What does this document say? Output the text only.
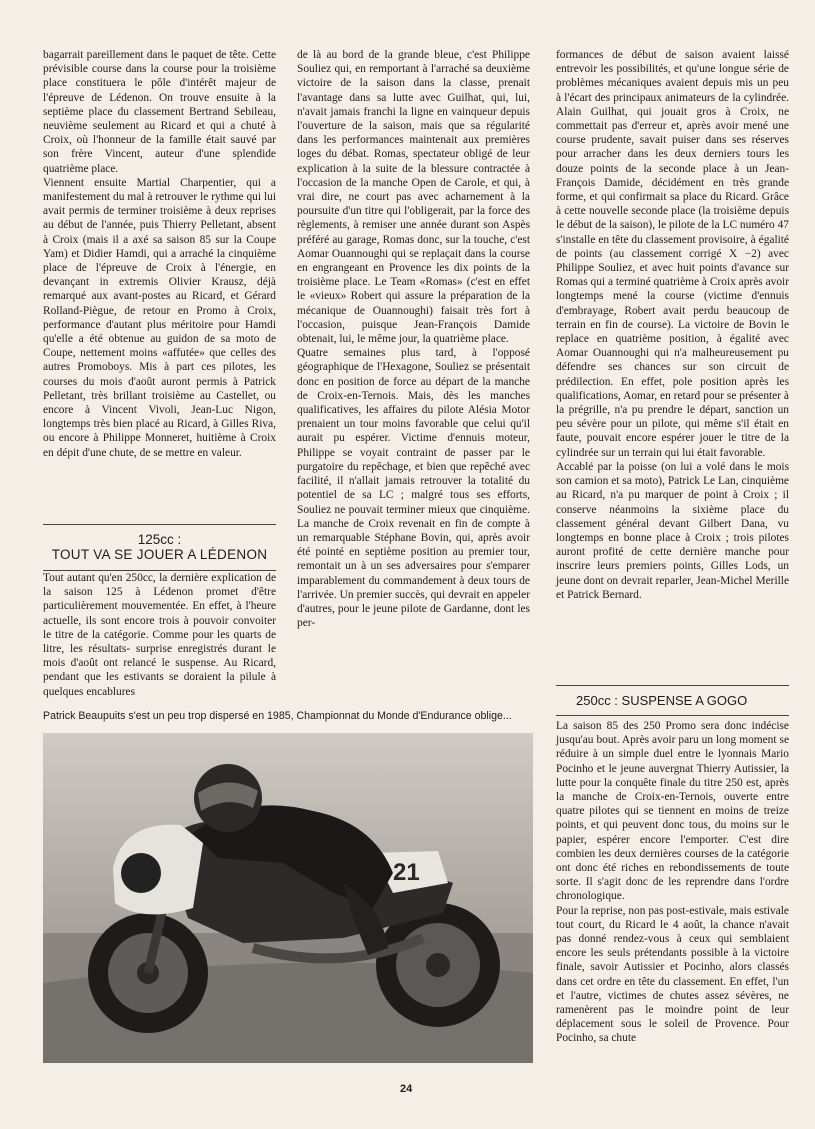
bagarrait pareillement dans le paquet de tête. Cette prévisible course dans la course pour la troisième place constituera le pôle d'intérêt majeur de l'épreuve de Lédenon. On trouve ensuite à la septième place du classement Bertrand Sebileau, neuvième seulement au Ricard et qui a chuté à Croix, où l'honneur de la famille était sauvé par son frère Vincent, auteur d'une splendide quatrième place.

Viennent ensuite Martial Charpentier, qui a manifestement du mal à retrouver le rythme qui lui avait permis de terminer troisième à deux reprises au début de l'année, puis Thierry Pelletant, absent à Croix (mais il a axé sa saison 85 sur la Coupe Yam) et Didier Hamdi, qui a arraché la cinquième place de l'épreuve de Croix à l'énergie, en devançant in extremis Olivier Krausz, déjà remarqué aux avant-postes au Ricard, et Gérard Rolland-Piègue, de retour en Promo à Croix, performance d'autant plus méritoire pour Hamdi qu'elle a été obtenue au guidon de sa moto de Coupe, nettement moins «affutée» que celles des autres Promoboys. Mis à part ces pilotes, les courses du mois d'août auront permis à Patrick Pelletant, très brillant troisième au Castellet, ou encore à Vincent Vivoli, Jean-Luc Nigon, longtemps très bien placé au Ricard, à Gilles Riva, ou encore à Philippe Monneret, huitième à Croix en dépit d'une chute, de se mettre en valeur.

125cc :
TOUT VA SE JOUER A LÉDENON

Tout autant qu'en 250cc, la dernière explication de la saison 125 à Lédenon promet d'être particulièrement mouvementée. En effet, à l'heure actuelle, ils sont encore trois à pouvoir convoiter le titre de la catégorie. Comme pour les quarts de litre, les résultats- surprise enregistrés durant le mois d'août ont relancé le suspense. Au Ricard, pendant que les estivants se doraient la pilule à quelques encablures

de là au bord de la grande bleue, c'est Philippe Souliez qui, en remportant à l'arraché sa deuxième victoire de la saison dans la classe, prenait l'avantage dans sa lutte avec Guilhat, qui, lui, n'avait jamais franchi la ligne en vainqueur depuis l'ouverture de la saison, mais que sa régularité dans les performances maintenait aux premières loges du débat. Romas, spectateur obligé de leur explication à la suite de la blessure contractée à l'occasion de la manche Open de Carole, et qui, à vrai dire, ne court pas avec acharnement à la poursuite d'un titre qui l'obligerait, par la force des règlements, à remiser une année durant son Aspès préféré au garage, Romas donc, sur la touche, c'est Aomar Ouannoughi qui se replaçait dans la course en engrangeant en Provence les dix points de la troisième place. Le Team «Romas» (c'est en effet le «vieux» Robert qui assure la préparation de la mécanique de Ouannoughi) faisait très fort à l'occasion, puisque Jean-François Damide obtenait, lui, le même jour, la quatrième place.

Quatre semaines plus tard, à l'opposé géographique de l'Hexagone, Souliez se présentait donc en position de force au départ de la manche de Croix-en-Ternois. Mais, dès les manches qualificatives, les affaires du pilote Alésia Motor prenaient un tour moins favorable que celui qu'il aurait pu espérer. Victime d'ennuis moteur, Philippe se voyait contraint de passer par le purgatoire du repêchage, et bien que repêché avec facilité, il n'allait jamais retrouver la totalité du potentiel de sa LC ; malgré tous ses efforts, Souliez ne pouvait terminer mieux que cinquième. La manche de Croix revenait en fin de compte à un remarquable Stéphane Bovin, qui, après avoir été pointé en septième position au premier tour, remontait un à un ses adversaires pour s'emparer imparablement du commandement à deux tours de l'arrivée. Un premier succès, qui devrait en appeler d'autres, pour le jeune pilote de Gardanne, dont les per-

formances de début de saison avaient laissé entrevoir les possibilités, et qu'une longue série de problèmes mécaniques avaient depuis mis un peu à l'écart des principaux animateurs de la cylindrée. Alain Guilhat, qui jouait gros à Croix, ne commettait pas d'erreur et, après avoir mené une course prudente, savait puiser dans ses réserves pour arracher dans les deux derniers tours les douze points de la seconde place à un Jean-François Damide, décidément en très grande forme, et qui confirmait sa place du Ricard. Grâce à cette nouvelle seconde place (la troisième depuis le début de la saison), le pilote de la LC numéro 47 s'installe en tête du classement provisoire, à égalité de points (au classement corrigé X −2) avec Philippe Souliez, et avec huit points d'avance sur Romas qui a terminé quatrième à Croix après avoir longtemps mené la course (victime d'ennuis d'embrayage, Robert avait perdu beaucoup de terrain en fin de course). La victoire de Bovin le replace en quatrième position, à égalité avec Aomar Ouannoughi qui n'a malheureusement pu défendre ses chances sur son circuit de prédilection. En effet, pole position après les qualifications, Aomar, en retard pour se présenter à la prégrille, n'a pu prendre le départ, sanction un peu sévère pour un pilote, qui même s'il était en faute, pouvait encore espérer jouer le titre de la cylindrée sur un terrain qui lui était favorable.

Accablé par la poisse (on lui a volé dans le mois son camion et sa moto), Patrick Le Lan, cinquième au Ricard, n'a pu marquer de point à Croix ; il conserve néanmoins la sixième place du classement général devant Gilbert Dana, vu longtemps en bonne place à Croix ; trois pilotes auront profité de cette dernière manche pour inscrire leurs premiers points, Gilles Lods, un jeune dont on devrait reparler, Jean-Michel Merille et Patrick Bernard.

250cc : SUSPENSE A GOGO

La saison 85 des 250 Promo sera donc indécise jusqu'au bout. Après avoir paru un long moment se réduire à un simple duel entre le lyonnais Mario Pocinho et le jeune auvergnat Thierry Autissier, la lutte pour la conquête finale du titre 250 est, après la manche de Croix-en-Ternois, ouverte entre quatre pilotes qui se tiennent en moins de treize points, et qui peuvent donc tous, du moins sur le papier, espérer encore l'emporter. C'est dire combien les deux dernières courses de la catégorie ont donc été riches en rebondissements de toute sorte. Il s'agit donc de les reprendre dans l'ordre chronologique.

Pour la reprise, non pas post-estivale, mais estivale tout court, du Ricard le 4 août, la chance n'avait pas donné rendez-vous à ceux qui semblaient encore les seuls prétendants possible à la victoire finale, savoir Autissier et Pocinho, alors classés dans cet ordre en tête du classement. En effet, l'un et l'autre, victimes de chutes assez sévères, ne ramenèrent pas le moindre point de leur déplacement sous le soleil de Provence. Pour Pocinho, sa chute

Patrick Beaupuits s'est un peu trop dispersé en 1985, Championnat du Monde d'Endurance oblige...
21
24
